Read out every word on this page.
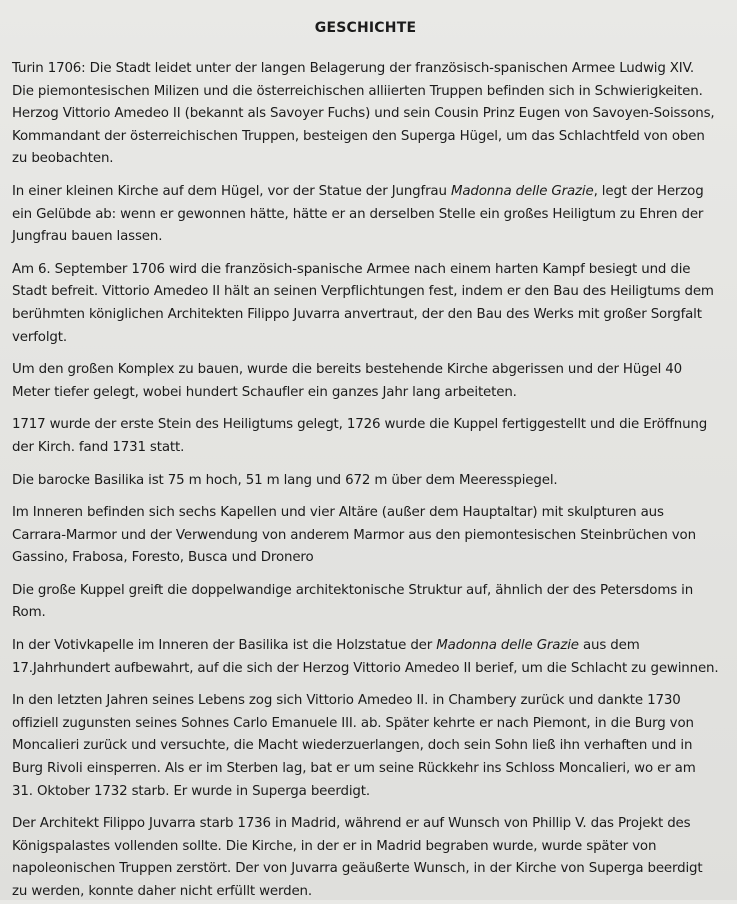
GESCHICHTE

Turin 1706: Die Stadt leidet unter der langen Belagerung der französisch-spanischen Armee Ludwig XIV. Die piemontesischen Milizen und die österreichischen alliierten Truppen befinden sich in Schwierigkeiten. Herzog Vittorio Amedeo II (bekannt als Savoyer Fuchs) und sein Cousin Prinz Eugen von Savoyen-Soissons, Kommandant der österreichischen Truppen, besteigen den Superga Hügel, um das Schlachtfeld von oben zu beobachten.

In einer kleinen Kirche auf dem Hügel, vor der Statue der Jungfrau Madonna delle Grazie, legt der Herzog ein Gelübde ab: wenn er gewonnen hätte, hätte er an derselben Stelle ein großes Heiligtum zu Ehren der Jungfrau bauen lassen.

Am 6. September 1706 wird die französich-spanische Armee nach einem harten Kampf besiegt und die Stadt befreit. Vittorio Amedeo II hält an seinen Verpflichtungen fest, indem er den Bau des Heiligtums dem berühmten königlichen Architekten Filippo Juvarra anvertraut, der den Bau des Werks mit großer Sorgfalt verfolgt.

Um den großen Komplex zu bauen, wurde die bereits bestehende Kirche abgerissen und der Hügel 40 Meter tiefer gelegt, wobei hundert Schaufler ein ganzes Jahr lang arbeiteten.

1717 wurde der erste Stein des Heiligtums gelegt, 1726 wurde die Kuppel fertiggestellt und die Eröffnung der Kirch. fand 1731 statt.

Die barocke Basilika ist 75 m hoch, 51 m lang und 672 m über dem Meeresspiegel.

Im Inneren befinden sich sechs Kapellen und vier Altäre (außer dem Hauptaltar) mit skulpturen aus Carrara-Marmor und der Verwendung von anderem Marmor aus den piemontesischen Steinbrüchen von Gassino, Frabosa, Foresto, Busca und Dronero

Die große Kuppel greift die doppelwandige architektonische Struktur auf, ähnlich der des Petersdoms in Rom.

In der Votivkapelle im Inneren der Basilika ist die Holzstatue der Madonna delle Grazie aus dem 17.Jahrhundert aufbewahrt, auf die sich der Herzog Vittorio Amedeo II berief, um die Schlacht zu gewinnen.

In den letzten Jahren seines Lebens zog sich Vittorio Amedeo II. in Chambery zurück und dankte 1730 offiziell zugunsten seines Sohnes Carlo Emanuele III. ab. Später kehrte er nach Piemont, in die Burg von Moncalieri zurück und versuchte, die Macht wiederzuerlangen, doch sein Sohn ließ ihn verhaften und in Burg Rivoli einsperren. Als er im Sterben lag, bat er um seine Rückkehr ins Schloss Moncalieri, wo er am 31. Oktober 1732 starb. Er wurde in Superga beerdigt.

Der Architekt Filippo Juvarra starb 1736 in Madrid, während er auf Wunsch von Phillip V. das Projekt des Königspalastes vollenden sollte. Die Kirche, in der er in Madrid begraben wurde, wurde später von napoleonischen Truppen zerstört. Der von Juvarra geäußerte Wunsch, in der Kirche von Superga beerdigt zu werden, konnte daher nicht erfüllt werden.
